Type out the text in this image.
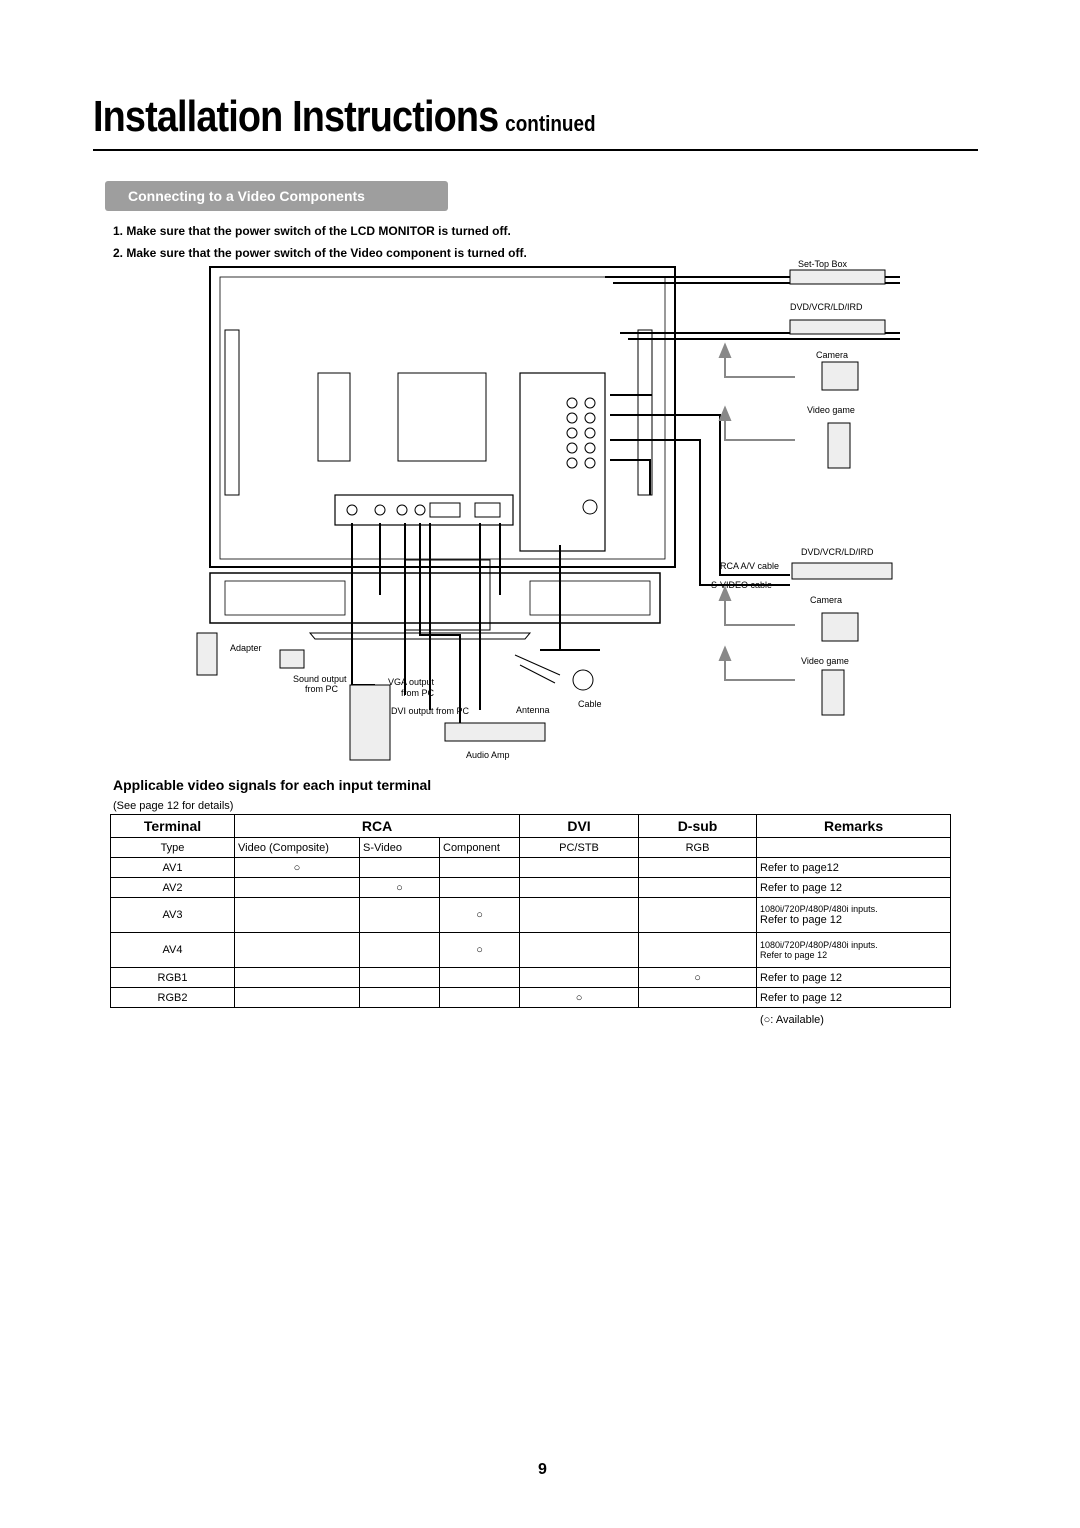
Installation Instructions continued
Connecting to a Video Components
1. Make sure that the power switch of the LCD MONITOR is turned off.
2. Make sure that the power switch of the Video component is turned off.
Set-Top Box
DVD/VCR/LD/IRD
Camera
Video game
DVD/VCR/LD/IRD
RCA A/V cable
S-VIDEO cable
Camera
Video game
Adapter
Sound output
from PC
VGA output
from PC
DVI output from PC	Antenna
Cable
Audio Amp
Applicable video signals for each input terminal
(See page 12 for details)
Terminal	RCA			DVI	D-sub	Remarks
Type	Video (Composite)	S-Video	Component	PC/STB	RGB	
AV1	○					Refer to page12
AV2		○				Refer to page 12
AV3			○			1080i/720P/480P/480i inputs.
Refer to page 12
AV4			○			1080i/720P/480P/480i inputs.
Refer to page 12

RGB1					○	Refer to page 12
RGB2				○		Refer to page 12
(○: Available)
9
